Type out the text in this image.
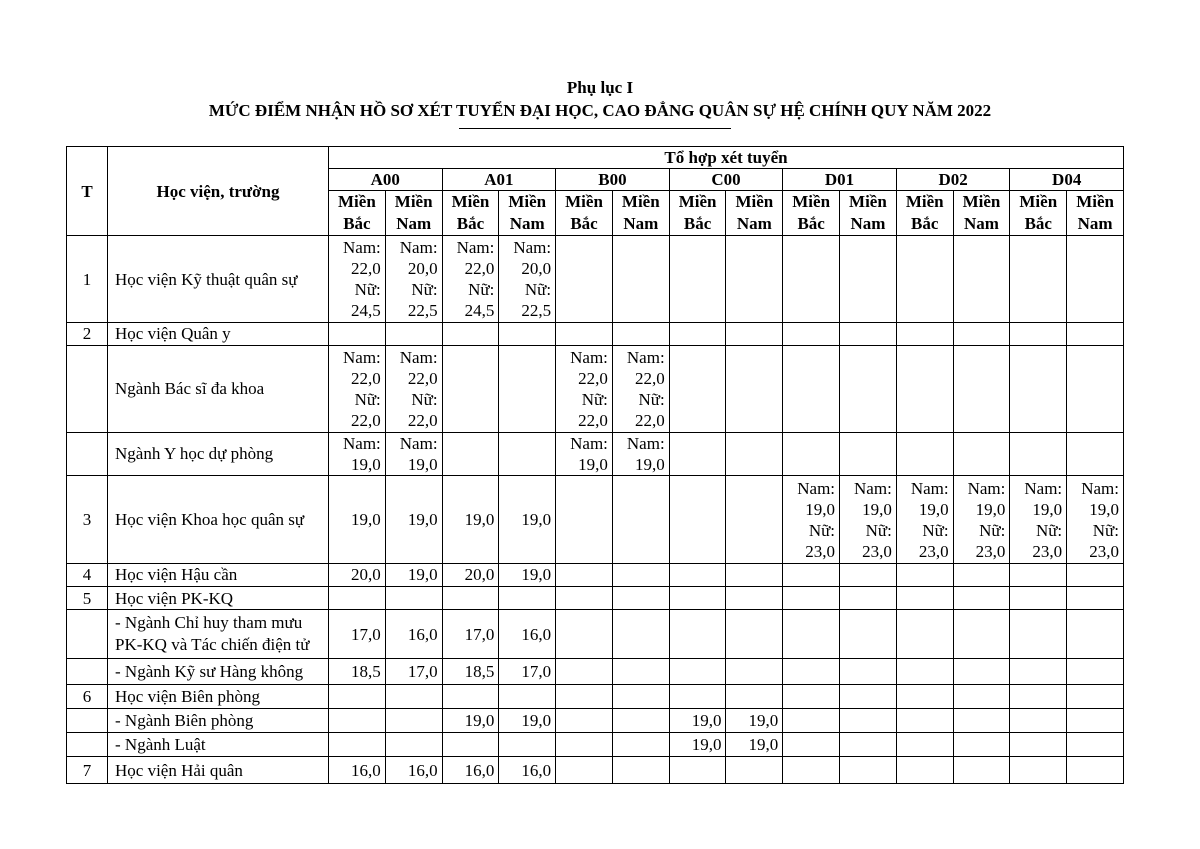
Phụ lục I
MỨC ĐIỂM NHẬN HỒ SƠ XÉT TUYỂN ĐẠI HỌC, CAO ĐẲNG QUÂN SỰ HỆ CHÍNH QUY NĂM 2022
T	Học viện, trường	Tổ hợp xét tuyển													
		A00		A01		B00		C00		D01		D02		D04	
		Miền
Bắc	Miền
Nam	Miền
Bắc	Miền
Nam	Miền
Bắc	Miền
Nam	Miền
Bắc	Miền
Nam	Miền
Bắc	Miền
Nam	Miền
Bắc	Miền
Nam	Miền
Bắc	Miền
Nam
1	Học viện Kỹ thuật quân sự	Nam:
22,0
Nữ:
24,5	Nam:
20,0
Nữ:
22,5	Nam:
22,0
Nữ:
24,5	Nam:
20,0
Nữ:
22,5										
2	Học viện Quân y														
	Ngành Bác sĩ đa khoa	Nam:
22,0
Nữ:
22,0	Nam:
22,0
Nữ:
22,0			Nam:
22,0
Nữ:
22,0	Nam:
22,0
Nữ:
22,0								
	Ngành Y học dự phòng	Nam:
19,0	Nam:
19,0			Nam:
19,0	Nam:
19,0								
3	Học viện Khoa học quân sự	19,0	19,0	19,0	19,0					Nam:
19,0
Nữ:
23,0	Nam:
19,0
Nữ:
23,0	Nam:
19,0
Nữ:
23,0	Nam:
19,0
Nữ:
23,0	Nam:
19,0
Nữ:
23,0	Nam:
19,0
Nữ:
23,0
4	Học viện Hậu cần	20,0	19,0	20,0	19,0										
5	Học viện PK-KQ														
	- Ngành Chỉ huy tham mưu PK-KQ và Tác chiến điện tử	17,0	16,0	17,0	16,0										
	- Ngành Kỹ sư Hàng không	18,5	17,0	18,5	17,0										
6	Học viện Biên phòng														
	- Ngành Biên phòng			19,0	19,0			19,0	19,0						
	- Ngành Luật							19,0	19,0						
7	Học viện Hải quân	16,0	16,0	16,0	16,0										
